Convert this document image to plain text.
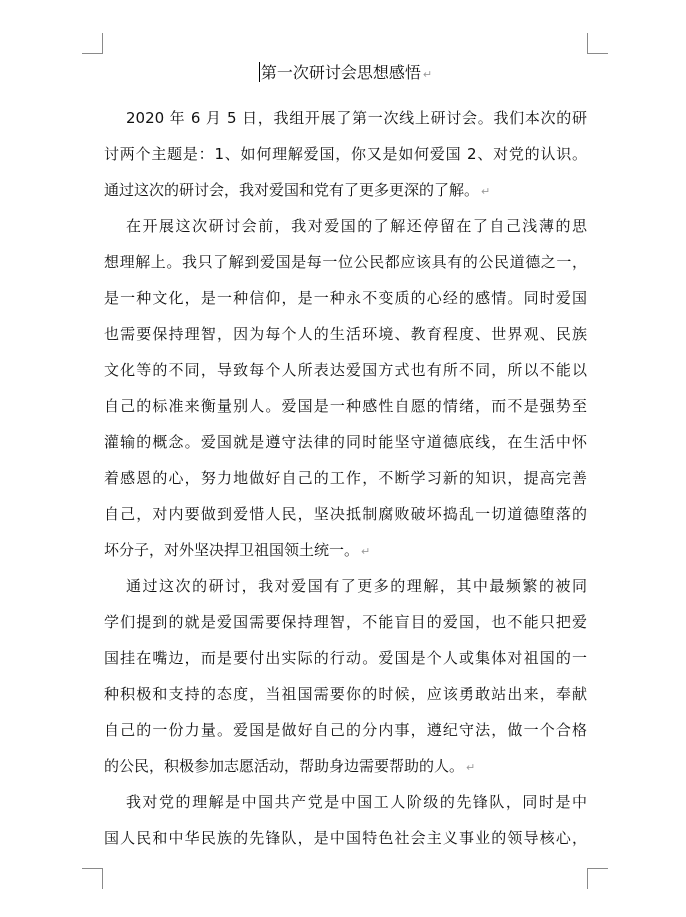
第一次研讨会思想感悟 ↵
2020 年 6 月 5 日，我组开展了第一次线上研讨会。我们本次的研
讨两个主题是：1、如何理解爱国，你又是如何爱国 2、对党的认识。
通过这次的研讨会，我对爱国和党有了更多更深的了解。 ↵
在开展这次研讨会前，我对爱国的了解还停留在了自己浅薄的思
想理解上。我只了解到爱国是每一位公民都应该具有的公民道德之一，
是一种文化，是一种信仰，是一种永不变质的心经的感情。同时爱国
也需要保持理智，因为每个人的生活环境、教育程度、世界观、民族
文化等的不同，导致每个人所表达爱国方式也有所不同，所以不能以
自己的标准来衡量别人。爱国是一种感性自愿的情绪，而不是强势至
灌输的概念。爱国就是遵守法律的同时能坚守道德底线，在生活中怀
着感恩的心，努力地做好自己的工作，不断学习新的知识，提高完善
自己，对内要做到爱惜人民，坚决抵制腐败破坏捣乱一切道德堕落的
坏分子，对外坚决捍卫祖国领土统一。 ↵
通过这次的研讨，我对爱国有了更多的理解，其中最频繁的被同
学们提到的就是爱国需要保持理智，不能盲目的爱国，也不能只把爱
国挂在嘴边，而是要付出实际的行动。爱国是个人或集体对祖国的一
种积极和支持的态度，当祖国需要你的时候，应该勇敢站出来，奉献
自己的一份力量。爱国是做好自己的分内事，遵纪守法，做一个合格
的公民，积极参加志愿活动，帮助身边需要帮助的人。 ↵
我对党的理解是中国共产党是中国工人阶级的先锋队，同时是中
国人民和中华民族的先锋队，是中国特色社会主义事业的领导核心，
